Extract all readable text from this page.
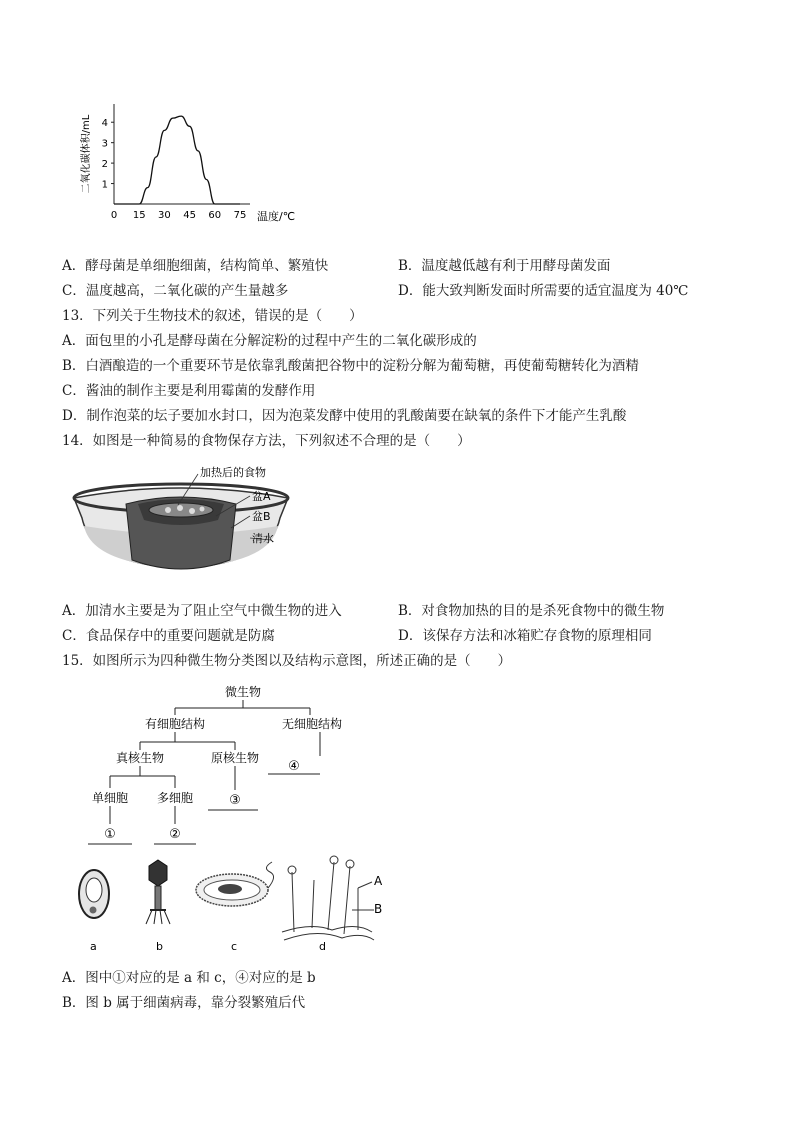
二氧化碳体积/mL
温度/℃
0 15 30 45 60 75
1
2
3
4
A．酵母菌是单细胞细菌，结构简单、繁殖快	B．温度越低越有利于用酵母菌发面
C．温度越高，二氧化碳的产生量越多	D．能大致判断发面时所需要的适宜温度为 40℃
13．下列关于生物技术的叙述，错误的是（　　）
A．面包里的小孔是酵母菌在分解淀粉的过程中产生的二氧化碳形成的
B．白酒酿造的一个重要环节是依靠乳酸菌把谷物中的淀粉分解为葡萄糖，再使葡萄糖转化为酒精
C．酱油的制作主要是利用霉菌的发酵作用
D．制作泡菜的坛子要加水封口，因为泡菜发酵中使用的乳酸菌要在缺氧的条件下才能产生乳酸
14．如图是一种简易的食物保存方法，下列叙述不合理的是（　　）
加热后的食物
盆A
盆B
清水
A．加清水主要是为了阻止空气中微生物的进入	B．对食物加热的目的是杀死食物中的微生物
C．食品保存中的重要问题就是防腐	D．该保存方法和冰箱贮存食物的原理相同
15．如图所示为四种微生物分类图以及结构示意图，所述正确的是（　　）
微生物
有细胞结构	无细胞结构
真核生物	原核生物
④
单细胞 多细胞	③
①	②
A
B
a	b	c	d
A．图中①对应的是 a 和 c，④对应的是 b
B．图 b 属于细菌病毒，靠分裂繁殖后代
